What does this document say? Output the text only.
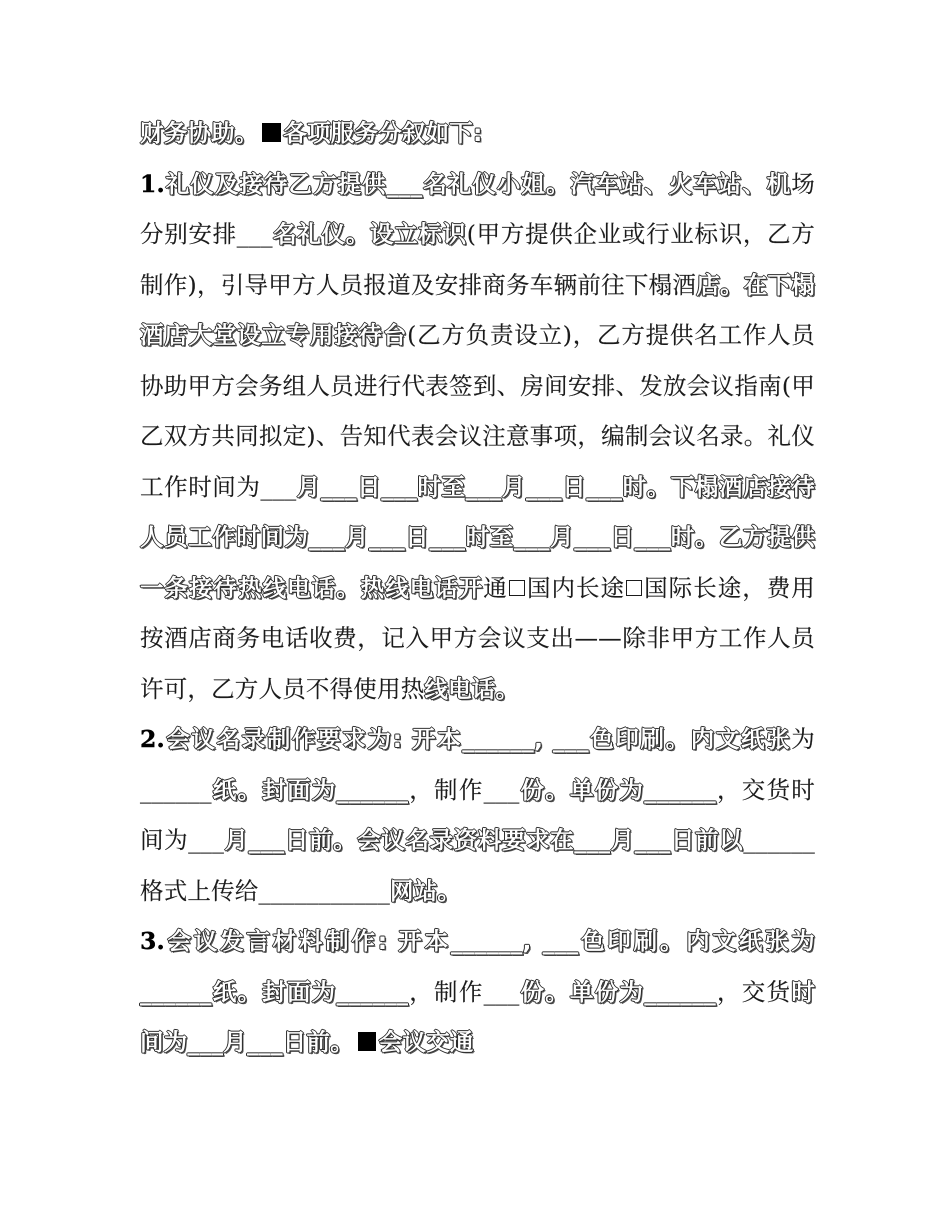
财务协助。 各项服务分叙如下:

1.礼仪及接待乙方提供___名礼仪小姐。汽车站、火车站、机场分别安排___名礼仪。设立标识(甲方提供企业或行业标识，乙方制作)，引导甲方人员报道及安排商务车辆前往下榻酒店。在下榻酒店大堂设立专用接待台(乙方负责设立)，乙方提供名工作人员协助甲方会务组人员进行代表签到、房间安排、发放会议指南(甲乙双方共同拟定)、告知代表会议注意事项，编制会议名录。礼仪工作时间为___月___日___时至___月___日___时。下榻酒店接待人员工作时间为___月___日___时至___月___日___时。乙方提供一条接待热线电话。热线电话开通 国内长途 国际长途，费用按酒店商务电话收费，记入甲方会议支出——除非甲方工作人员许可，乙方人员不得使用热线电话。

2.会议名录制作要求为: 开本______, ___色印刷。内文纸张为______纸。封面为______，制作___份。单份为______，交货时间为___月___日前。会议名录资料要求在___月___日前以______格式上传给___________网站。

3.会议发言材料制作: 开本______, ___色印刷。内文纸张为______纸。封面为______，制作___份。单份为______，交货时间为___月___日前。 会议交通
